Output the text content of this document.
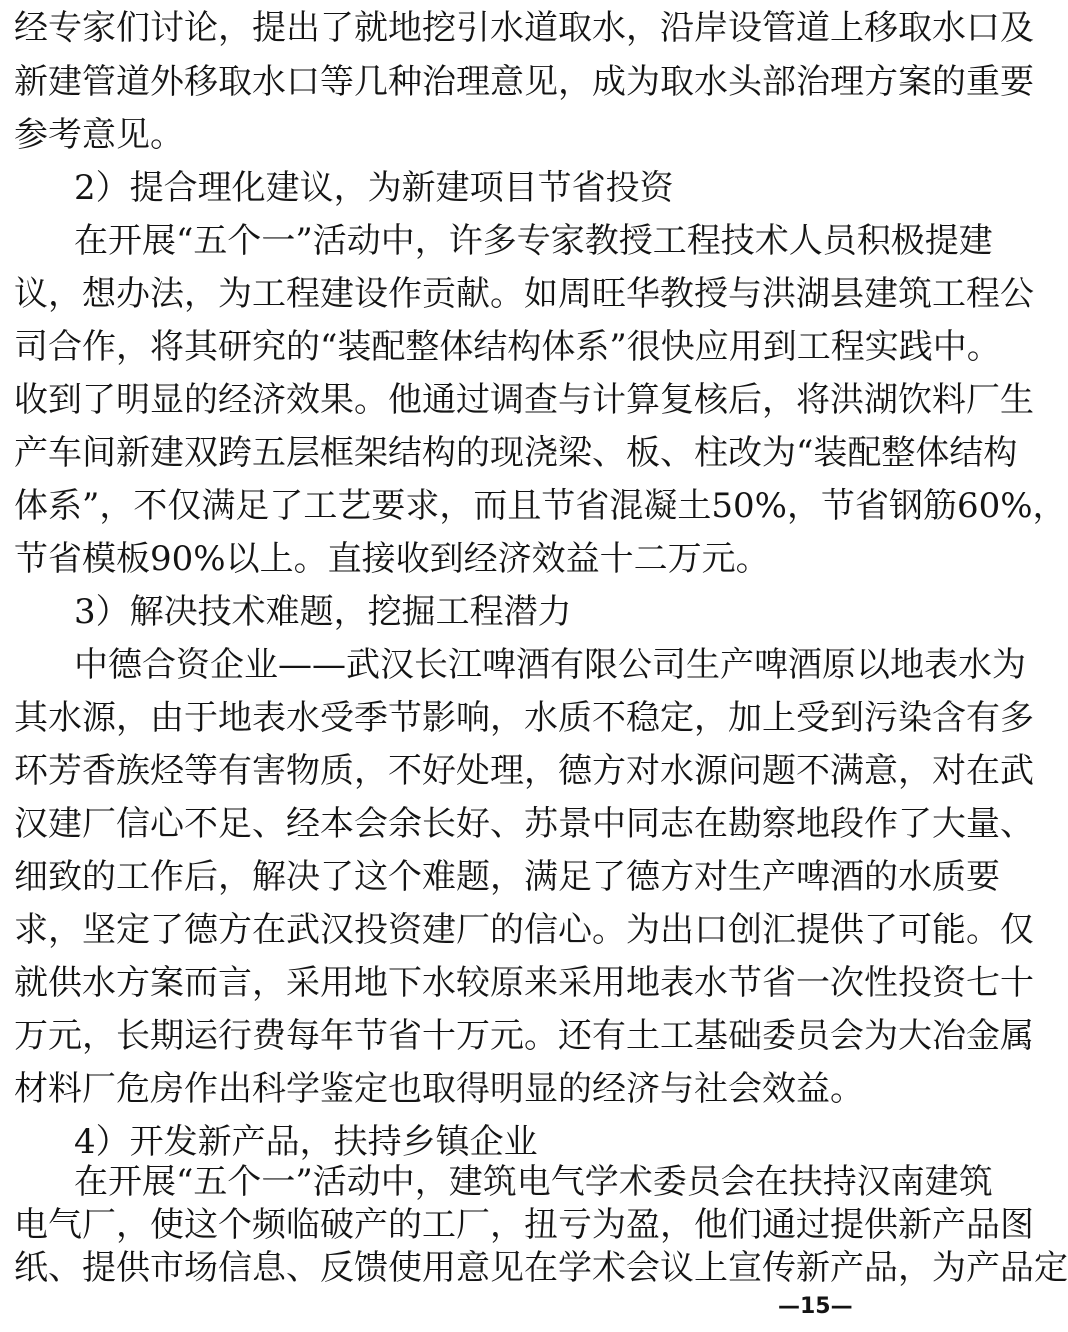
经专家们讨论，提出了就地挖引水道取水，沿岸设管道上移取水口及
新建管道外移取水口等几种治理意见，成为取水头部治理方案的重要
参考意见。
2）提合理化建议，为新建项目节省投资
在开展“五个一”活动中，许多专家教授工程技术人员积极提建
议，想办法，为工程建设作贡献。如周旺华教授与洪湖县建筑工程公
司合作，将其研究的“装配整体结构体系”很快应用到工程实践中。
收到了明显的经济效果。他通过调查与计算复核后，将洪湖饮料厂生
产车间新建双跨五层框架结构的现浇梁、板、柱改为“装配整体结构
体系”，不仅满足了工艺要求，而且节省混凝土50%，节省钢筋60%，
节省模板90%以上。直接收到经济效益十二万元。
3）解决技术难题，挖掘工程潜力
中德合资企业——武汉长江啤酒有限公司生产啤酒原以地表水为
其水源，由于地表水受季节影响，水质不稳定，加上受到污染含有多
环芳香族烃等有害物质，不好处理，德方对水源问题不满意，对在武
汉建厂信心不足、经本会余长好、苏景中同志在勘察地段作了大量、
细致的工作后，解决了这个难题，满足了德方对生产啤酒的水质要
求，坚定了德方在武汉投资建厂的信心。为出口创汇提供了可能。仅
就供水方案而言，采用地下水较原来采用地表水节省一次性投资七十
万元，长期运行费每年节省十万元。还有土工基础委员会为大冶金属
材料厂危房作出科学鉴定也取得明显的经济与社会效益。
4）开发新产品，扶持乡镇企业
在开展“五个一”活动中，建筑电气学术委员会在扶持汉南建筑
电气厂，使这个频临破产的工厂，扭亏为盈，他们通过提供新产品图
—15—
纸、提供市场信息、反馈使用意见在学术会议上宣传新产品，为产品定
